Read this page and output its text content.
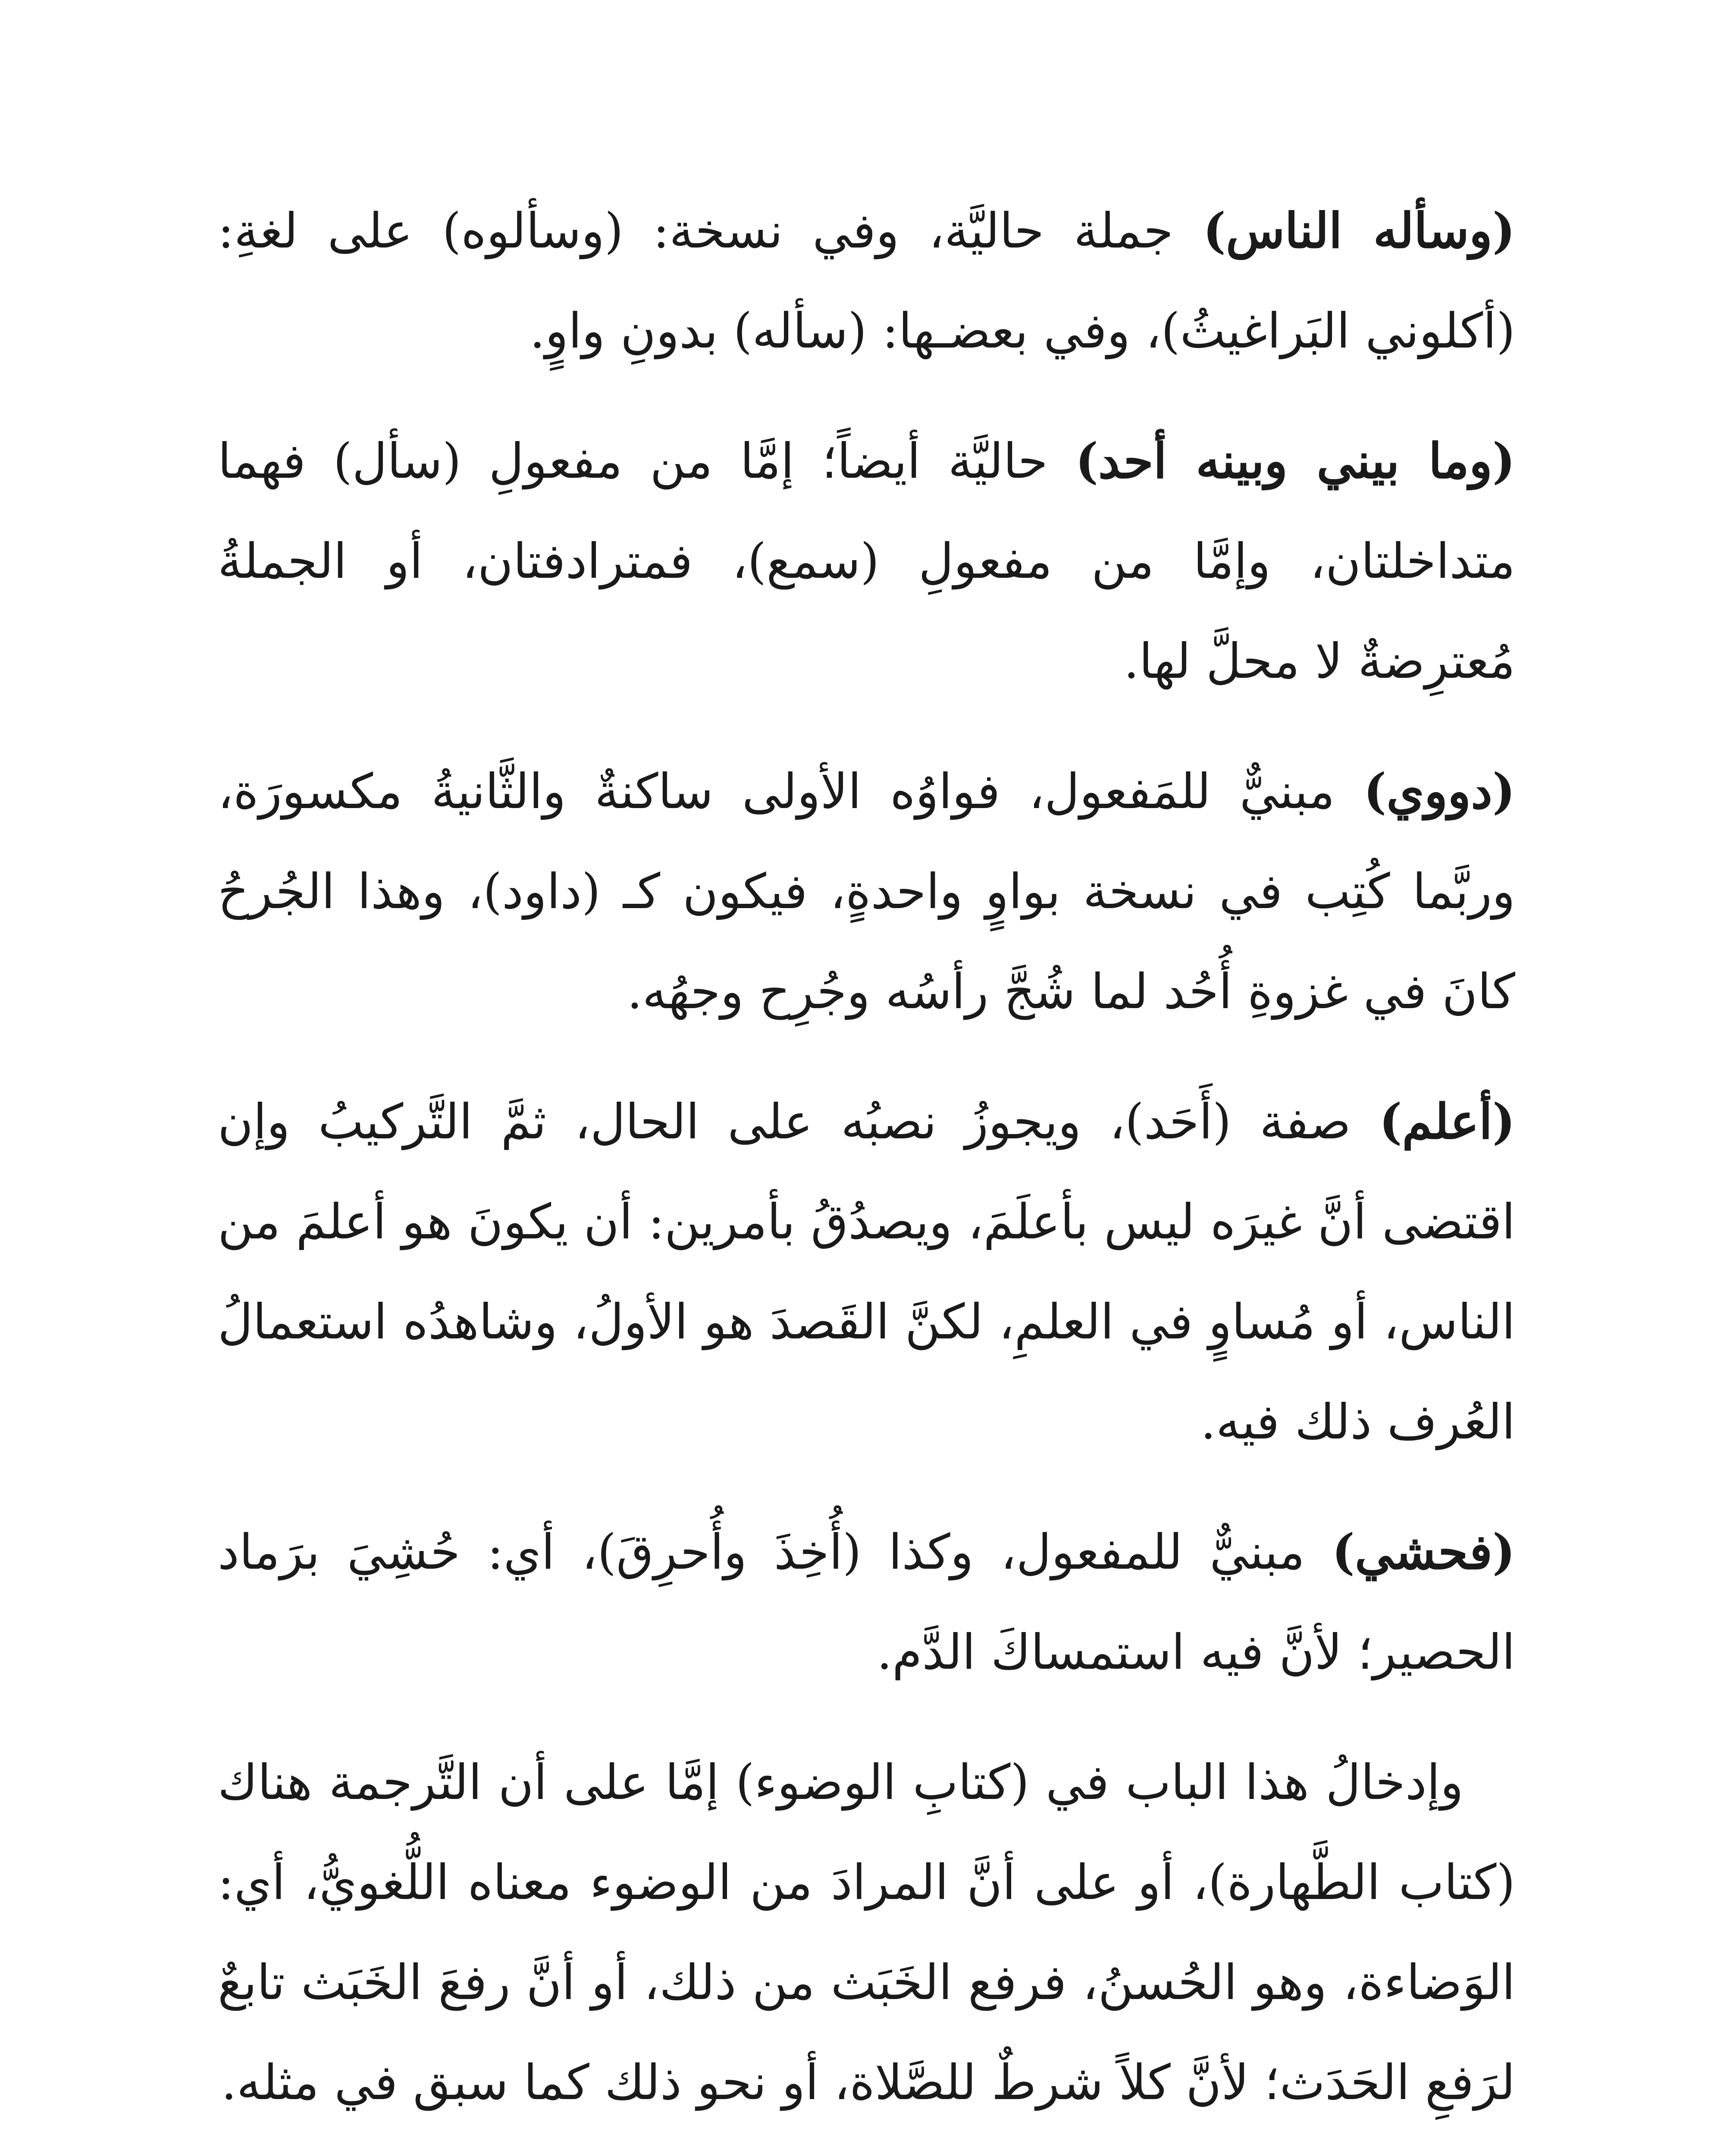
(وسأله الناس) جملة حاليَّة، وفي نسخة: (وسألوه) على لغةِ: (أكلوني البَراغيثُ)، وفي بعضـها: (سأله) بدونِ واوٍ.

(وما بيني وبينه أحد) حاليَّة أيضاً؛ إمَّا من مفعولِ (سأل) فهما متداخلتان، وإمَّا من مفعولِ (سمع)، فمترادفتان، أو الجملةُ مُعترِضةٌ لا محلَّ لها.

(دووي) مبنيٌّ للمَفعول، فواوُه الأولى ساكنةٌ والثَّانيةُ مكسورَة، وربَّما كُتِب في نسخة بواوٍ واحدةٍ، فيكون كـ (داود)، وهذا الجُرحُ كانَ في غزوةِ أُحُد لما شُجَّ رأسُه وجُرِح وجهُه.

(أعلم) صفة (أَحَد)، ويجوزُ نصبُه على الحال، ثمَّ التَّركيبُ وإن اقتضى أنَّ غيرَه ليس بأعلَمَ، ويصدُقُ بأمرين: أن يكونَ هو أعلمَ من الناس، أو مُساوٍ في العلمِ، لكنَّ القَصدَ هو الأولُ، وشاهدُه استعمالُ العُرف ذلك فيه.

(فحشي) مبنيٌّ للمفعول، وكذا (أُخِذَ وأُحرِقَ)، أي: حُشِيَ برَماد الحصير؛ لأنَّ فيه استمساكَ الدَّم.

وإدخالُ هذا الباب في (كتابِ الوضوء) إمَّا على أن التَّرجمة هناك (كتاب الطَّهارة)، أو على أنَّ المرادَ من الوضوء معناه اللُّغويُّ، أي: الوَضاءة، وهو الحُسنُ، فرفع الخَبَث من ذلك، أو أنَّ رفعَ الخَبَث تابعٌ لرَفعِ الحَدَث؛ لأنَّ كلاً شرطٌ للصَّلاة، أو نحو ذلك كما سبق في مثله.
